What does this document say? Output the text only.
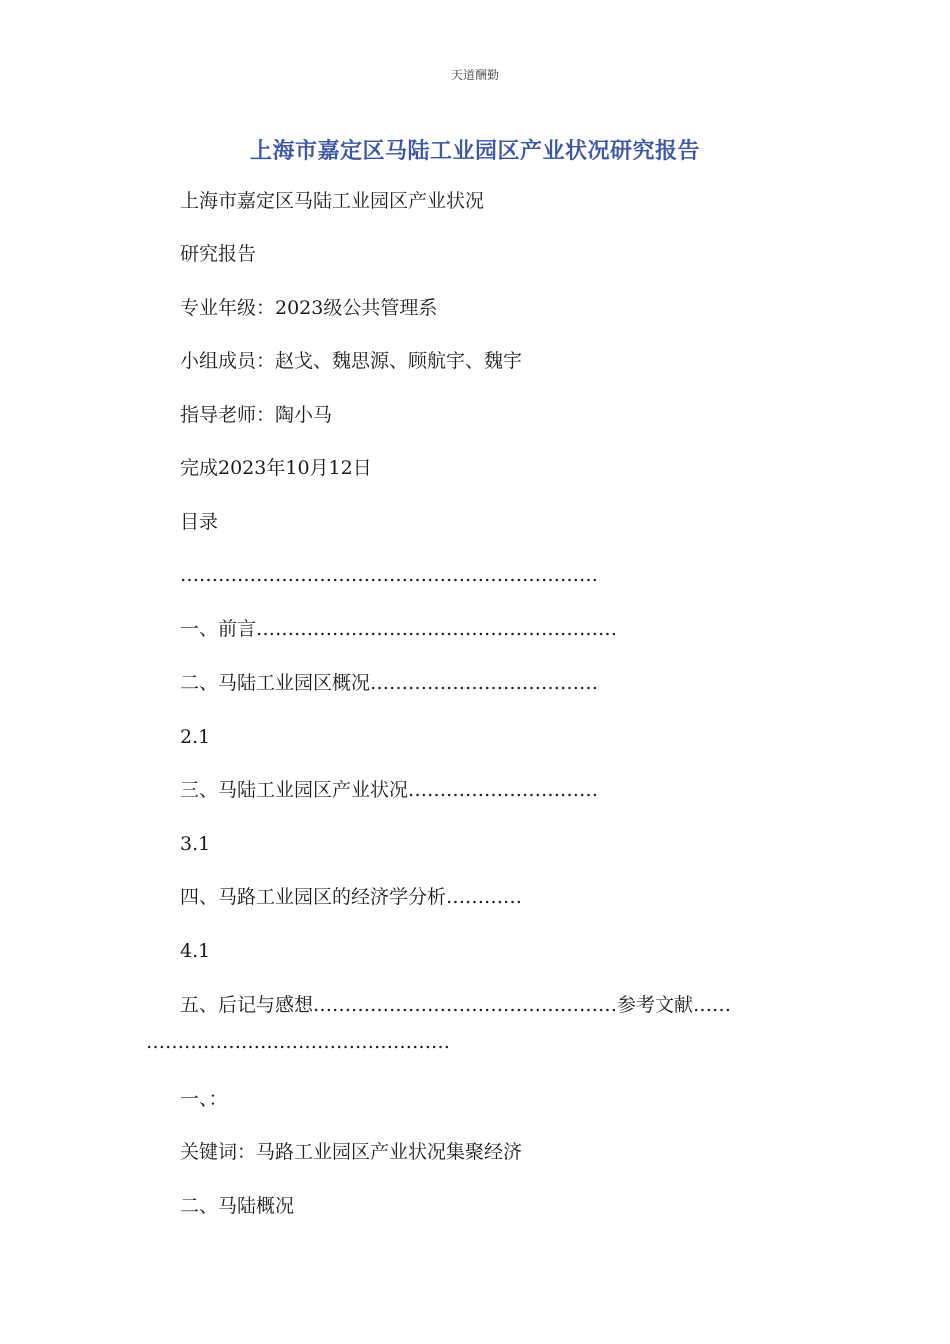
天道酬勤
上海市嘉定区马陆工业园区产业状况研究报告
上海市嘉定区马陆工业园区产业状况
研究报告
专业年级：2023级公共管理系
小组成员：赵戈、魏思源、顾航宇、魏宇
指导老师：陶小马
完成2023年10月12日
目录
…………………………………………………………
一、前言…………………………………………………
二、马陆工业园区概况………………………………
2.1
三、马陆工业园区产业状况…………………………
3.1
四、马路工业园区的经济学分析…………
4.1
五、后记与感想…………………………………………参考文献……
…………………………………………
一、：
关键词：马路工业园区产业状况集聚经济
二、马陆概况
